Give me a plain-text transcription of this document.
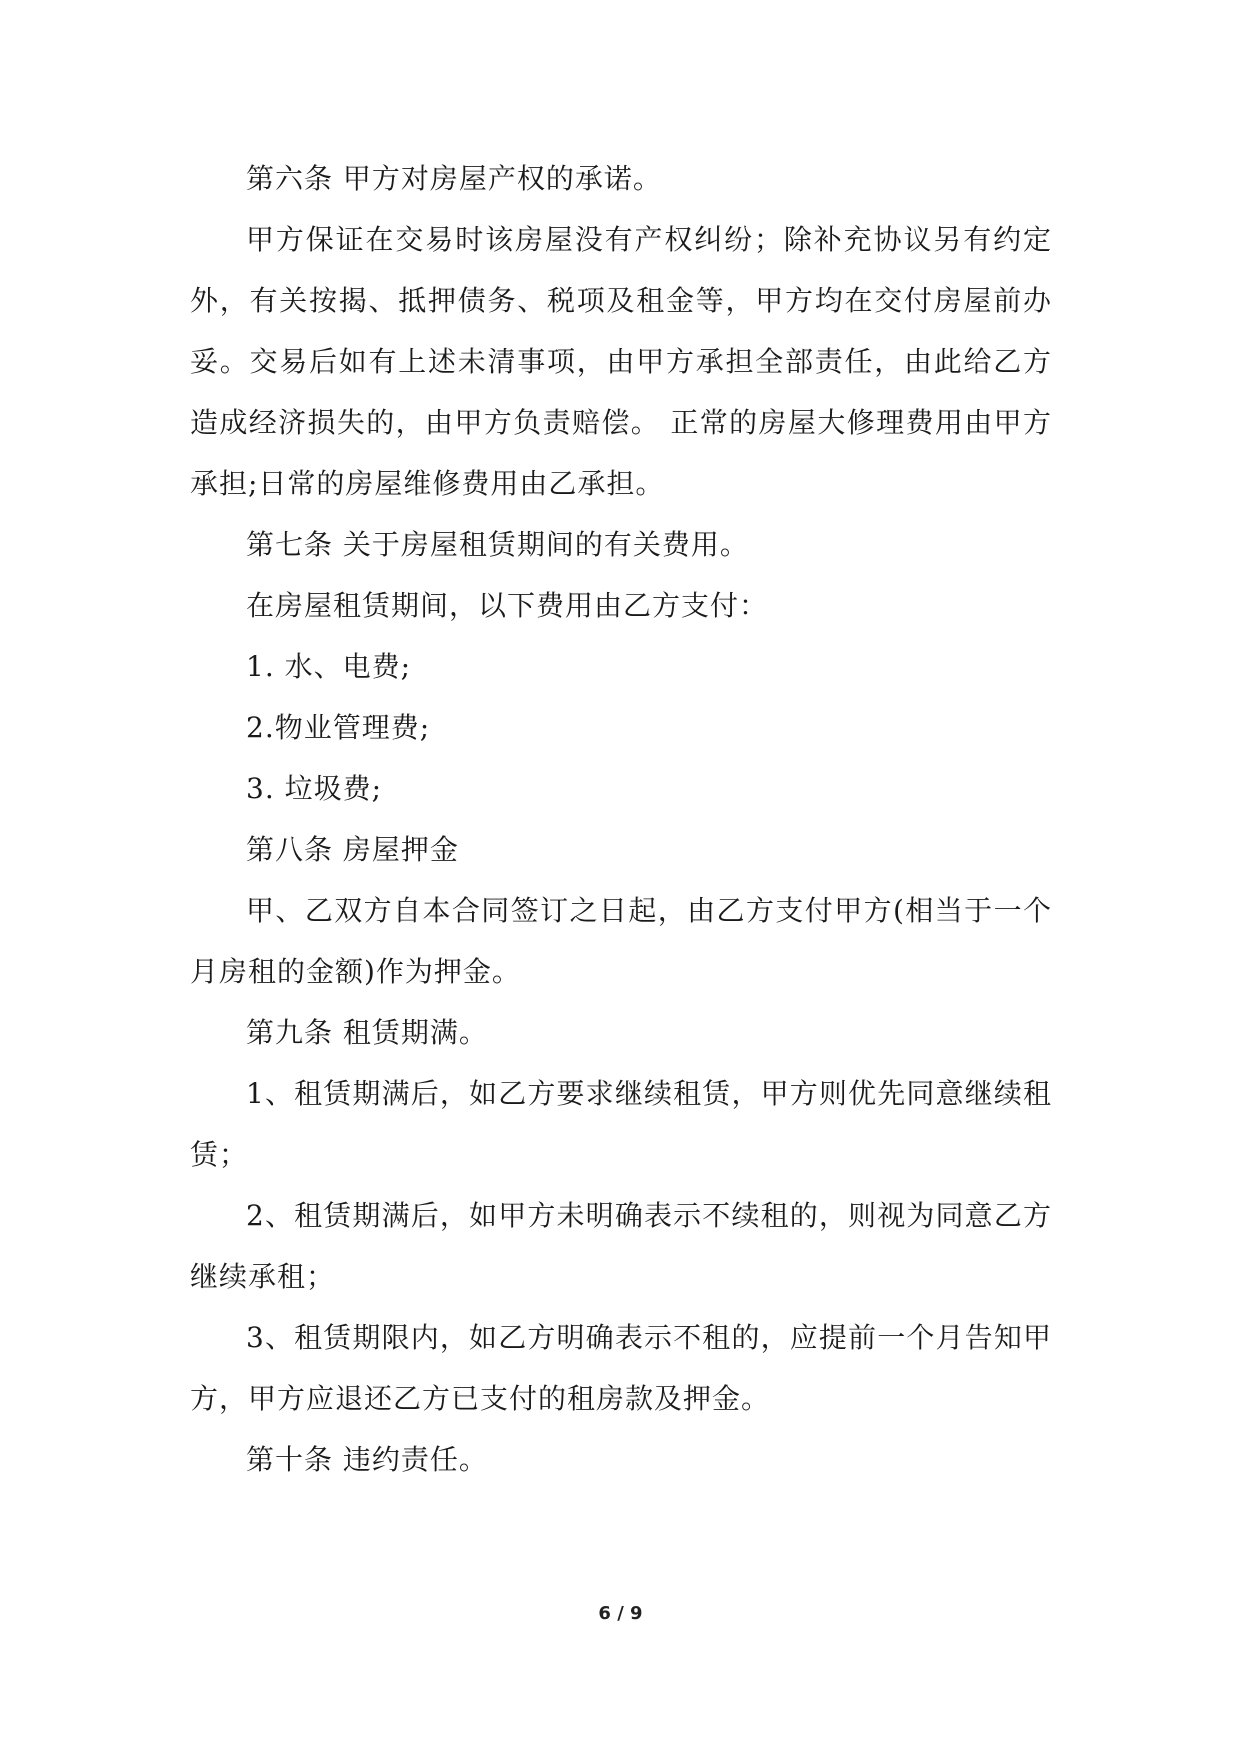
第六条 甲方对房屋产权的承诺。

甲方保证在交易时该房屋没有产权纠纷；除补充协议另有约定外，有关按揭、抵押债务、税项及租金等，甲方均在交付房屋前办妥。交易后如有上述未清事项，由甲方承担全部责任，由此给乙方造成经济损失的，由甲方负责赔偿。 正常的房屋大修理费用由甲方承担;日常的房屋维修费用由乙承担。

第七条 关于房屋租赁期间的有关费用。

在房屋租赁期间，以下费用由乙方支付：

1. 水、电费;

2.物业管理费;

3. 垃圾费;

第八条 房屋押金

甲、乙双方自本合同签订之日起，由乙方支付甲方(相当于一个月房租的金额)作为押金。

第九条 租赁期满。

1、租赁期满后，如乙方要求继续租赁，甲方则优先同意继续租赁；

2、租赁期满后，如甲方未明确表示不续租的，则视为同意乙方继续承租；

3、租赁期限内，如乙方明确表示不租的，应提前一个月告知甲方，甲方应退还乙方已支付的租房款及押金。

第十条 违约责任。

6 / 9
